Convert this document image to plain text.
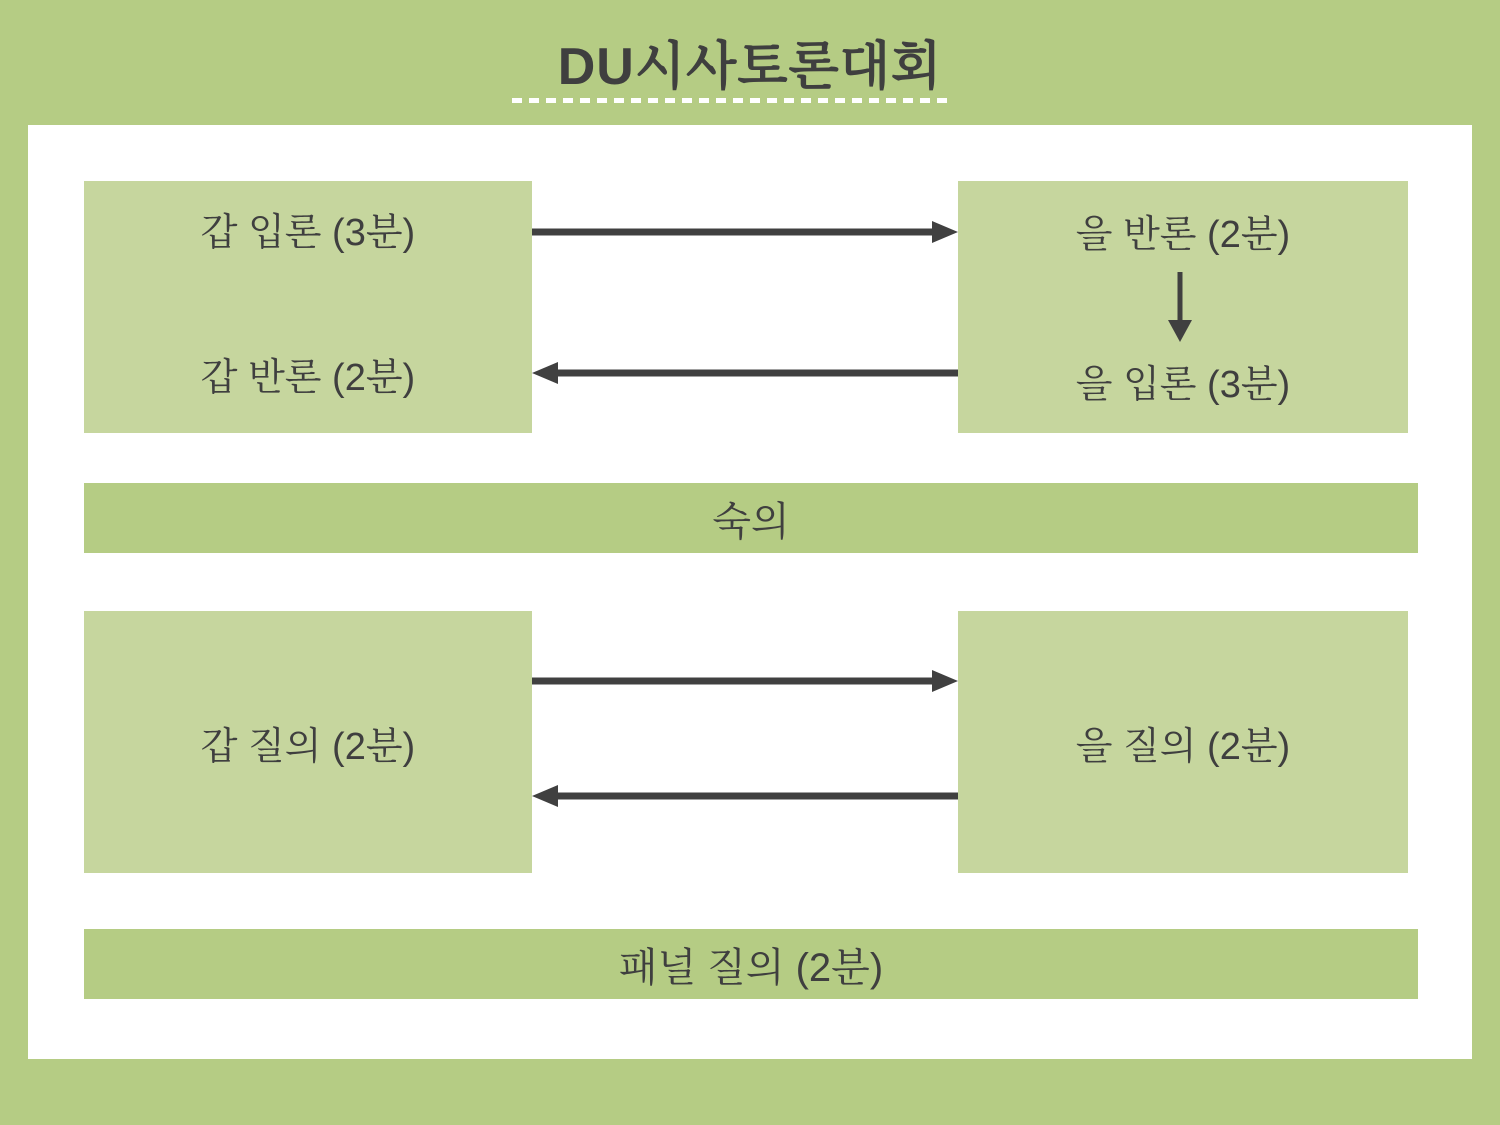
DU시사토론대회
갑 입론 (3분)
갑 반론 (2분)
을 반론 (2분)
을 입론 (3분)
숙의
갑 질의 (2분)	을 질의 (2분)
패널 질의 (2분)
